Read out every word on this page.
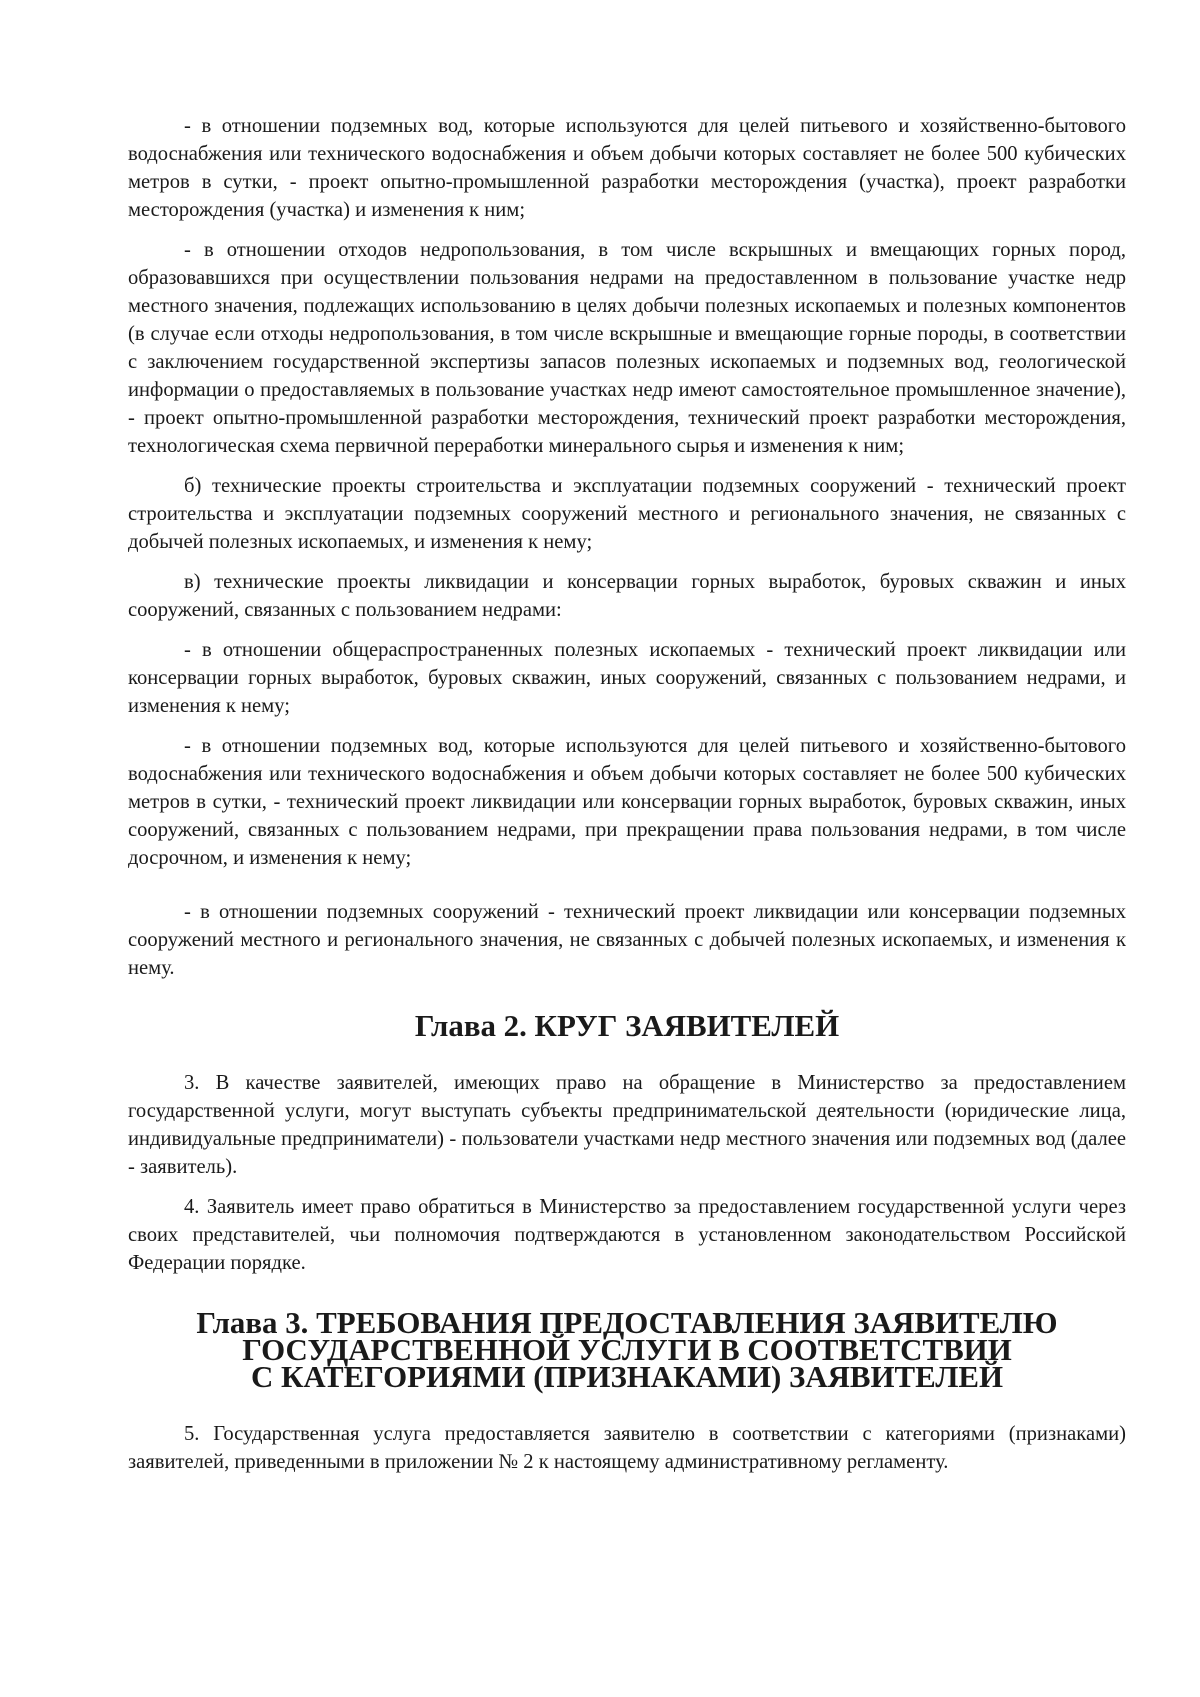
- в отношении подземных вод, которые используются для целей питьевого и хозяйственно-бытового водоснабжения или технического водоснабжения и объем добычи которых составляет не более 500 кубических метров в сутки, - проект опытно-промышленной разработки месторождения (участка), проект разработки месторождения (участка) и изменения к ним;

- в отношении отходов недропользования, в том числе вскрышных и вмещающих горных пород, образовавшихся при осуществлении пользования недрами на предоставленном в пользование участке недр местного значения, подлежащих использованию в целях добычи полезных ископаемых и полезных компонентов (в случае если отходы недропользования, в том числе вскрышные и вмещающие горные породы, в соответствии с заключением государственной экспертизы запасов полезных ископаемых и подземных вод, геологической информации о предоставляемых в пользование участках недр имеют самостоятельное промышленное значение), - проект опытно-промышленной разработки месторождения, технический проект разработки месторождения, технологическая схема первичной переработки минерального сырья и изменения к ним;

б) технические проекты строительства и эксплуатации подземных сооружений - технический проект строительства и эксплуатации подземных сооружений местного и регионального значения, не связанных с добычей полезных ископаемых, и изменения к нему;

в) технические проекты ликвидации и консервации горных выработок, буровых скважин и иных сооружений, связанных с пользованием недрами:

- в отношении общераспространенных полезных ископаемых - технический проект ликвидации или консервации горных выработок, буровых скважин, иных сооружений, связанных с пользованием недрами, и изменения к нему;

- в отношении подземных вод, которые используются для целей питьевого и хозяйственно-бытового водоснабжения или технического водоснабжения и объем добычи которых составляет не более 500 кубических метров в сутки, - технический проект ликвидации или консервации горных выработок, буровых скважин, иных сооружений, связанных с пользованием недрами, при прекращении права пользования недрами, в том числе досрочном, и изменения к нему;

- в отношении подземных сооружений - технический проект ликвидации или консервации подземных сооружений местного и регионального значения, не связанных с добычей полезных ископаемых, и изменения к нему.

Глава 2. КРУГ ЗАЯВИТЕЛЕЙ

3. В качестве заявителей, имеющих право на обращение в Министерство за предоставлением государственной услуги, могут выступать субъекты предпринимательской деятельности (юридические лица, индивидуальные предприниматели) - пользователи участками недр местного значения или подземных вод (далее - заявитель).

4. Заявитель имеет право обратиться в Министерство за предоставлением государственной услуги через своих представителей, чьи полномочия подтверждаются в установленном законодательством Российской Федерации порядке.

Глава 3. ТРЕБОВАНИЯ ПРЕДОСТАВЛЕНИЯ ЗАЯВИТЕЛЮ
ГОСУДАРСТВЕННОЙ УСЛУГИ В СООТВЕТСТВИИ
С КАТЕГОРИЯМИ (ПРИЗНАКАМИ) ЗАЯВИТЕЛЕЙ

5. Государственная услуга предоставляется заявителю в соответствии с категориями (признаками) заявителей, приведенными в приложении № 2 к настоящему административному регламенту.
